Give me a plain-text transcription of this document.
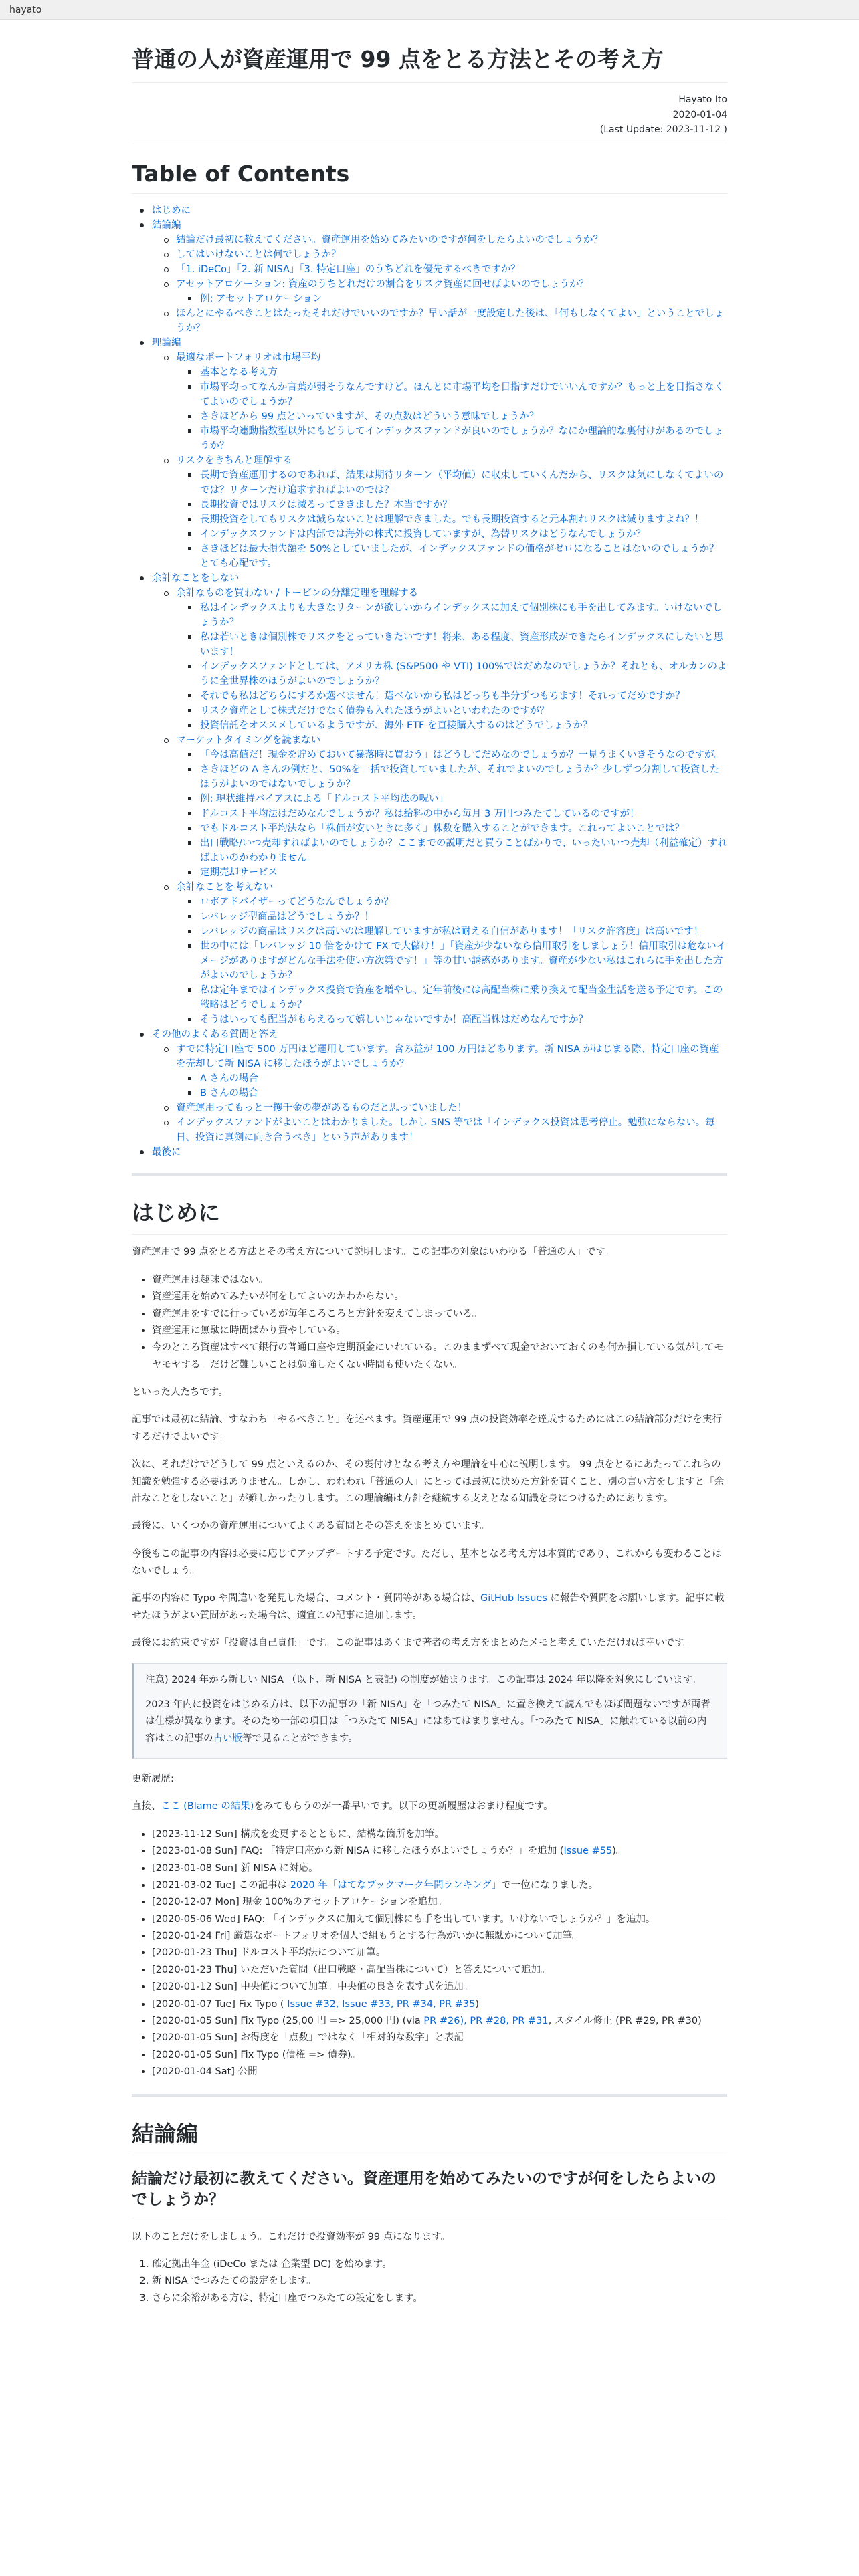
hayato
普通の人が資産運用で 99 点をとる方法とその考え方
Hayato Ito
2020-01-04
(Last Update: 2023-11-12 )
Table of Contents
はじめに
結論編
結論だけ最初に教えてください。資産運用を始めてみたいのですが何をしたらよいのでしょうか？
してはいけないことは何でしょうか？
「1. iDeCo」「2. 新 NISA」「3. 特定口座」のうちどれを優先するべきですか？
アセットアロケーション: 資産のうちどれだけの割合をリスク資産に回せばよいのでしょうか？
例: アセットアロケーション
ほんとにやるべきことはたったそれだけでいいのですか？早い話が一度設定した後は、「何もしなくてよい」ということでしょうか？
理論編
最適なポートフォリオは市場平均
基本となる考え方
市場平均ってなんか言葉が弱そうなんですけど。ほんとに市場平均を目指すだけでいいんですか？もっと上を目指さなくてよいのでしょうか？
さきほどから 99 点といっていますが、その点数はどういう意味でしょうか？
市場平均連動指数型以外にもどうしてインデックスファンドが良いのでしょうか？なにか理論的な裏付けがあるのでしょうか？
リスクをきちんと理解する
長期で資産運用するのであれば、結果は期待リターン（平均値）に収束していくんだから、リスクは気にしなくてよいのでは？リターンだけ追求すればよいのでは？
長期投資ではリスクは減るってききました？本当ですか？
長期投資をしてもリスクは減らないことは理解できました。でも長期投資すると元本割れリスクは減りますよね？！
インデックスファンドは内部では海外の株式に投資していますが、為替リスクはどうなんでしょうか？
さきほどは最大損失額を 50%としていましたが、インデックスファンドの価格がゼロになることはないのでしょうか？とても心配です。
余計なことをしない
余計なものを買わない / トービンの分離定理を理解する
私はインデックスよりも大きなリターンが欲しいからインデックスに加えて個別株にも手を出してみます。いけないでしょうか？
私は若いときは個別株でリスクをとっていきたいです！将来、ある程度、資産形成ができたらインデックスにしたいと思います！
インデックスファンドとしては、アメリカ株 (S&P500 や VTI) 100%ではだめなのでしょうか？それとも、オルカンのように全世界株のほうがよいのでしょうか？
それでも私はどちらにするか選べません！選べないから私はどっちも半分ずつもちます！それってだめですか？
リスク資産として株式だけでなく債券も入れたほうがよいといわれたのですが？
投資信託をオススメしているようですが、海外 ETF を直接購入するのはどうでしょうか？
マーケットタイミングを読まない
「今は高値だ！現金を貯めておいて暴落時に買おう」はどうしてだめなのでしょうか？一見うまくいきそうなのですが。
さきほどの A さんの例だと、50%を一括で投資していましたが、それでよいのでしょうか？少しずつ分割して投資したほうがよいのではないでしょうか？
例: 現状維持バイアスによる「ドルコスト平均法の呪い」
ドルコスト平均法はだめなんでしょうか？私は給料の中から毎月 3 万円つみたてしているのですが！
でもドルコスト平均法なら「株価が安いときに多く」株数を購入することができます。これってよいことでは？
出口戦略/いつ売却すればよいのでしょうか？ここまでの説明だと買うことばかりで、いったいいつ売却（利益確定）すればよいのかわかりません。
定期売却サービス
余計なことを考えない
ロボアドバイザーってどうなんでしょうか？
レバレッジ型商品はどうでしょうか？！
レバレッジの商品はリスクは高いのは理解していますが私は耐える自信があります！「リスク許容度」は高いです！
世の中には「レバレッジ 10 倍をかけて FX で大儲け！」「資産が少ないなら信用取引をしましょう！信用取引は危ないイメージがありますがどんな手法を使い方次第です！」等の甘い誘惑があります。資産が少ない私はこれらに手を出した方がよいのでしょうか？
私は定年まではインデックス投資で資産を増やし、定年前後には高配当株に乗り換えて配当金生活を送る予定です。この戦略はどうでしょうか？
そうはいっても配当がもらえるって嬉しいじゃないですか！高配当株はだめなんですか？
その他のよくある質問と答え
すでに特定口座で 500 万円ほど運用しています。含み益が 100 万円ほどあります。新 NISA がはじまる際、特定口座の資産を売却して新 NISA に移したほうがよいでしょうか？
A さんの場合
B さんの場合
資産運用ってもっと一攫千金の夢があるものだと思っていました！
インデックスファンドがよいことはわかりました。しかし SNS 等では「インデックス投資は思考停止。勉強にならない。毎日、投資に真剣に向き合うべき」という声があります！
最後に
はじめに

資産運用で 99 点をとる方法とその考え方について説明します。この記事の対象はいわゆる「普通の人」です。

• 資産運用は趣味ではない。
• 資産運用を始めてみたいが何をしてよいのかわからない。
• 資産運用をすでに行っているが毎年ころころと方針を変えてしまっている。
• 資産運用に無駄に時間ばかり費やしている。
• 今のところ資産はすべて銀行の普通口座や定期預金にいれている。このままずべて現金でおいておくのも何か損している気がしてモヤモヤする。だけど難しいことは勉強したくない時間も使いたくない。

といった人たちです。

記事では最初に結論、すなわち「やるべきこと」を述べます。資産運用で 99 点の投資効率を達成するためにはこの結論部分だけを実行するだけでよいです。

次に、それだけでどうして 99 点といえるのか、その裏付けとなる考え方や理論を中心に説明します。 99 点をとるにあたってこれらの知識を勉強する必要はありません。しかし、われわれ「普通の人」にとっては最初に決めた方針を貫くこと、別の言い方をしますと「余計なことをしないこと」が難しかったりします。この理論編は方針を継続する支えとなる知識を身につけるためにあります。

最後に、いくつかの資産運用についてよくある質問とその答えをまとめています。

今後もこの記事の内容は必要に応じてアップデートする予定です。ただし、基本となる考え方は本質的であり、これからも変わることはないでしょう。

記事の内容に Typo や間違いを発見した場合、コメント・質問等がある場合は、GitHub Issues に報告や質問をお願いします。記事に載せたほうがよい質問があった場合は、適宜この記事に追加します。

最後にお約束ですが「投資は自己責任」です。この記事はあくまで著者の考え方をまとめたメモと考えていただければ幸いです。

注意) 2024 年から新しい NISA （以下、新 NISA と表記) の制度が始まります。この記事は 2024 年以降を対象にしています。

2023 年内に投資をはじめる方は、以下の記事の「新 NISA」を「つみたて NISA」に置き換えて読んでもほぼ問題ないですが両者は仕様が異なります。そのため一部の項目は「つみたて NISA」にはあてはまりません。「つみたて NISA」に触れている以前の内容はこの記事の古い版等で見ることができます。

更新履歴:

直接、ここ (Blame の結果)をみてもらうのが一番早いです。以下の更新履歴はおまけ程度です。

• [2023-11-12 Sun] 構成を変更するとともに、結構な箇所を加筆。
• [2023-01-08 Sun] FAQ: 「特定口座から新 NISA に移したほうがよいでしょうか？」を追加 (Issue #55)。
• [2023-01-08 Sun] 新 NISA に対応。
• [2021-03-02 Tue] この記事は 2020 年「はてなブックマーク年間ランキング」で一位になりました。
• [2020-12-07 Mon] 現金 100%のアセットアロケーションを追加。
• [2020-05-06 Wed] FAQ: 「インデックスに加えて個別株にも手を出しています。いけないでしょうか？」を追加。
• [2020-01-24 Fri] 厳選なポートフォリオを個人で組もうとする行為がいかに無駄かについて加筆。
• [2020-01-23 Thu] ドルコスト平均法について加筆。
• [2020-01-23 Thu] いただいた質問（出口戦略・高配当株について）と答えについて追加。
• [2020-01-12 Sun] 中央値について加筆。中央値の良さを表す式を追加。
• [2020-01-07 Tue] Fix Typo ( Issue #32, Issue #33, PR #34, PR #35)
• [2020-01-05 Sun] Fix Typo (25,00 円 => 25,000 円) (via PR #26), PR #28, PR #31, スタイル修正 (PR #29, PR #30)
• [2020-01-05 Sun] お得度を「点数」ではなく「相対的な数字」と表記
• [2020-01-05 Sun] Fix Typo (債権 => 債券)。
• [2020-01-04 Sat] 公開
結論編
結論だけ最初に教えてください。資産運用を始めてみたいのですが何をしたらよいのでしょうか？

以下のことだけをしましょう。これだけで投資効率が 99 点になります。

1. 確定拠出年金 (iDeCo または 企業型 DC) を始めます。
2. 新 NISA でつみたての設定をします。
3. さらに余裕がある方は、特定口座でつみたての設定をします。
